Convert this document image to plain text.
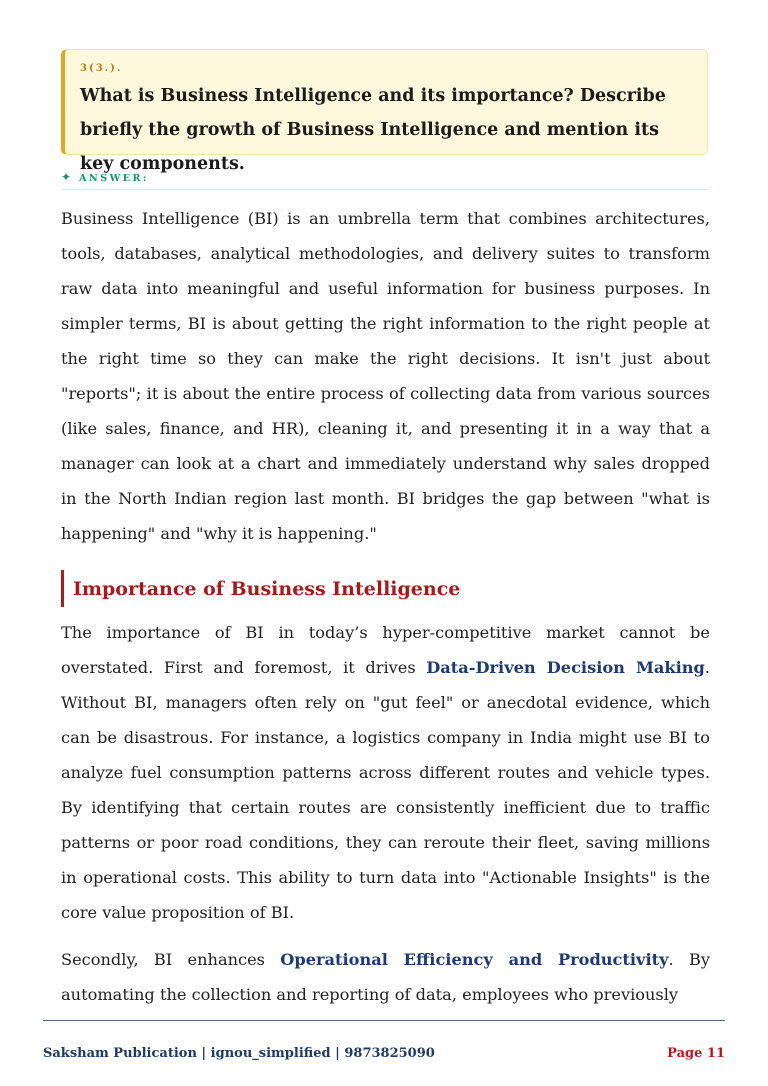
3(3.).
What is Business Intelligence and its importance? Describe briefly the growth of Business Intelligence and mention its key components.
✦ ANSWER:

Business Intelligence (BI) is an umbrella term that combines architectures, tools, databases, analytical methodologies, and delivery suites to transform raw data into meaningful and useful information for business purposes. In simpler terms, BI is about getting the right information to the right people at the right time so they can make the right decisions. It isn't just about "reports"; it is about the entire process of collecting data from various sources (like sales, finance, and HR), cleaning it, and presenting it in a way that a manager can look at a chart and immediately understand why sales dropped in the North Indian region last month. BI bridges the gap between "what is happening" and "why it is happening."

Importance of Business Intelligence

The importance of BI in today’s hyper-competitive market cannot be overstated. First and foremost, it drives Data-Driven Decision Making. Without BI, managers often rely on "gut feel" or anecdotal evidence, which can be disastrous. For instance, a logistics company in India might use BI to analyze fuel consumption patterns across different routes and vehicle types. By identifying that certain routes are consistently inefficient due to traffic patterns or poor road conditions, they can reroute their fleet, saving millions in operational costs. This ability to turn data into "Actionable Insights" is the core value proposition of BI.

Secondly, BI enhances Operational Efficiency and Productivity. By automating the collection and reporting of data, employees who previously

Saksham Publication | ignou_simplified | 9873825090	Page 11
